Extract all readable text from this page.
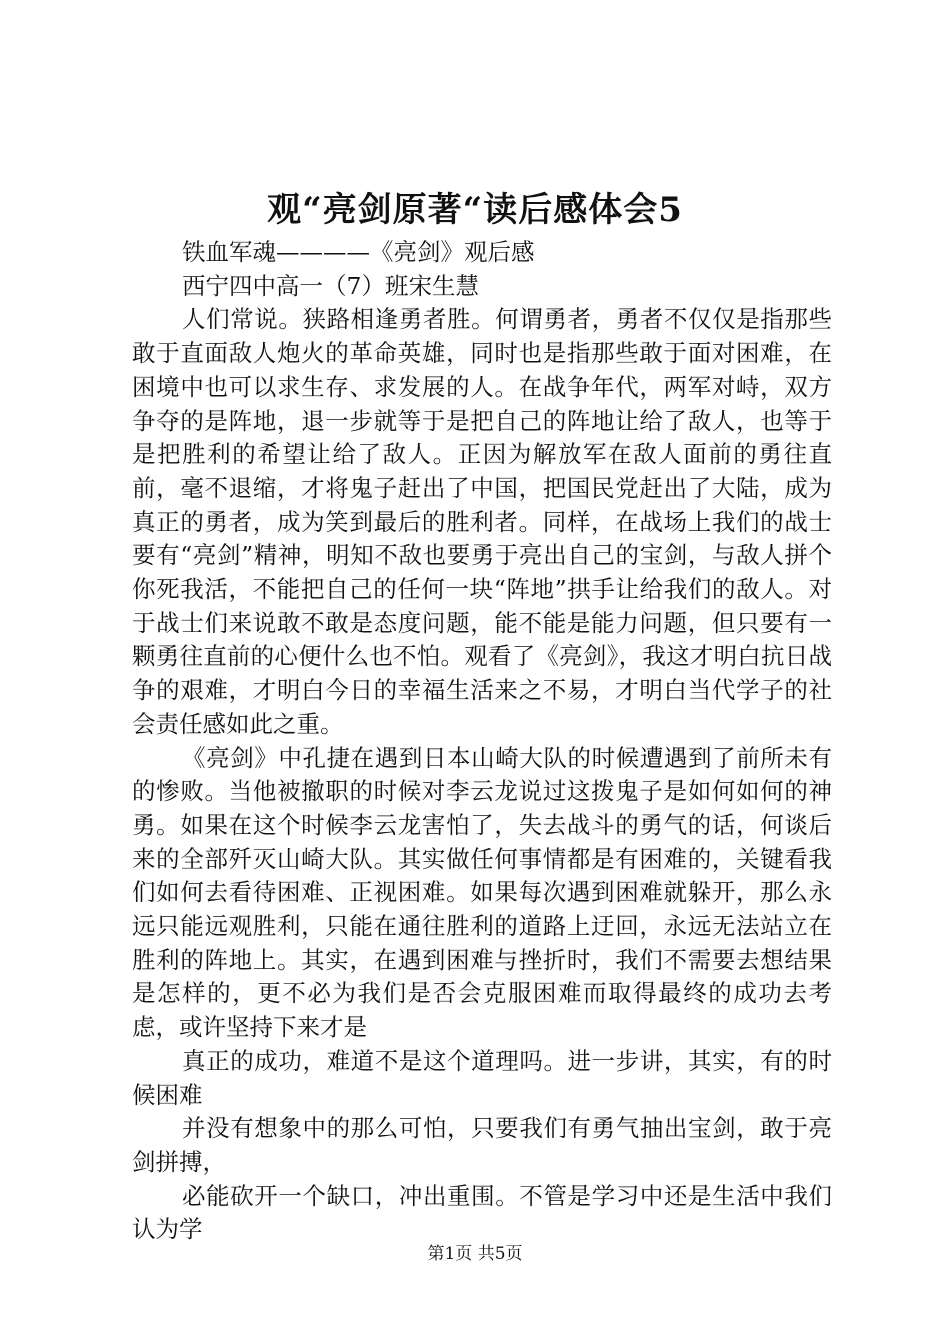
观“亮剑原著“读后感体会5

铁血军魂————《亮剑》观后感

西宁四中高一（7）班宋生慧

人们常说。狭路相逢勇者胜。何谓勇者，勇者不仅仅是指那些敢于直面敌人炮火的革命英雄，同时也是指那些敢于面对困难，在困境中也可以求生存、求发展的人。在战争年代，两军对峙，双方争夺的是阵地，退一步就等于是把自己的阵地让给了敌人，也等于是把胜利的希望让给了敌人。正因为解放军在敌人面前的勇往直前，毫不退缩，才将鬼子赶出了中国，把国民党赶出了大陆，成为真正的勇者，成为笑到最后的胜利者。同样，在战场上我们的战士要有“亮剑”精神，明知不敌也要勇于亮出自己的宝剑，与敌人拼个你死我活，不能把自己的任何一块“阵地”拱手让给我们的敌人。对于战士们来说敢不敢是态度问题，能不能是能力问题，但只要有一颗勇往直前的心便什么也不怕。观看了《亮剑》，我这才明白抗日战争的艰难，才明白今日的幸福生活来之不易，才明白当代学子的社会责任感如此之重。

《亮剑》中孔捷在遇到日本山崎大队的时候遭遇到了前所未有的惨败。当他被撤职的时候对李云龙说过这拨鬼子是如何如何的神勇。如果在这个时候李云龙害怕了，失去战斗的勇气的话，何谈后来的全部歼灭山崎大队。其实做任何事情都是有困难的，关键看我们如何去看待困难、正视困难。如果每次遇到困难就躲开，那么永远只能远观胜利，只能在通往胜利的道路上迂回，永远无法站立在胜利的阵地上。其实，在遇到困难与挫折时，我们不需要去想结果是怎样的，更不必为我们是否会克服困难而取得最终的成功去考虑，或许坚持下来才是

真正的成功，难道不是这个道理吗。进一步讲，其实，有的时候困难

并没有想象中的那么可怕，只要我们有勇气抽出宝剑，敢于亮剑拼搏，

必能砍开一个缺口，冲出重围。不管是学习中还是生活中我们认为学

第1页 共5页
